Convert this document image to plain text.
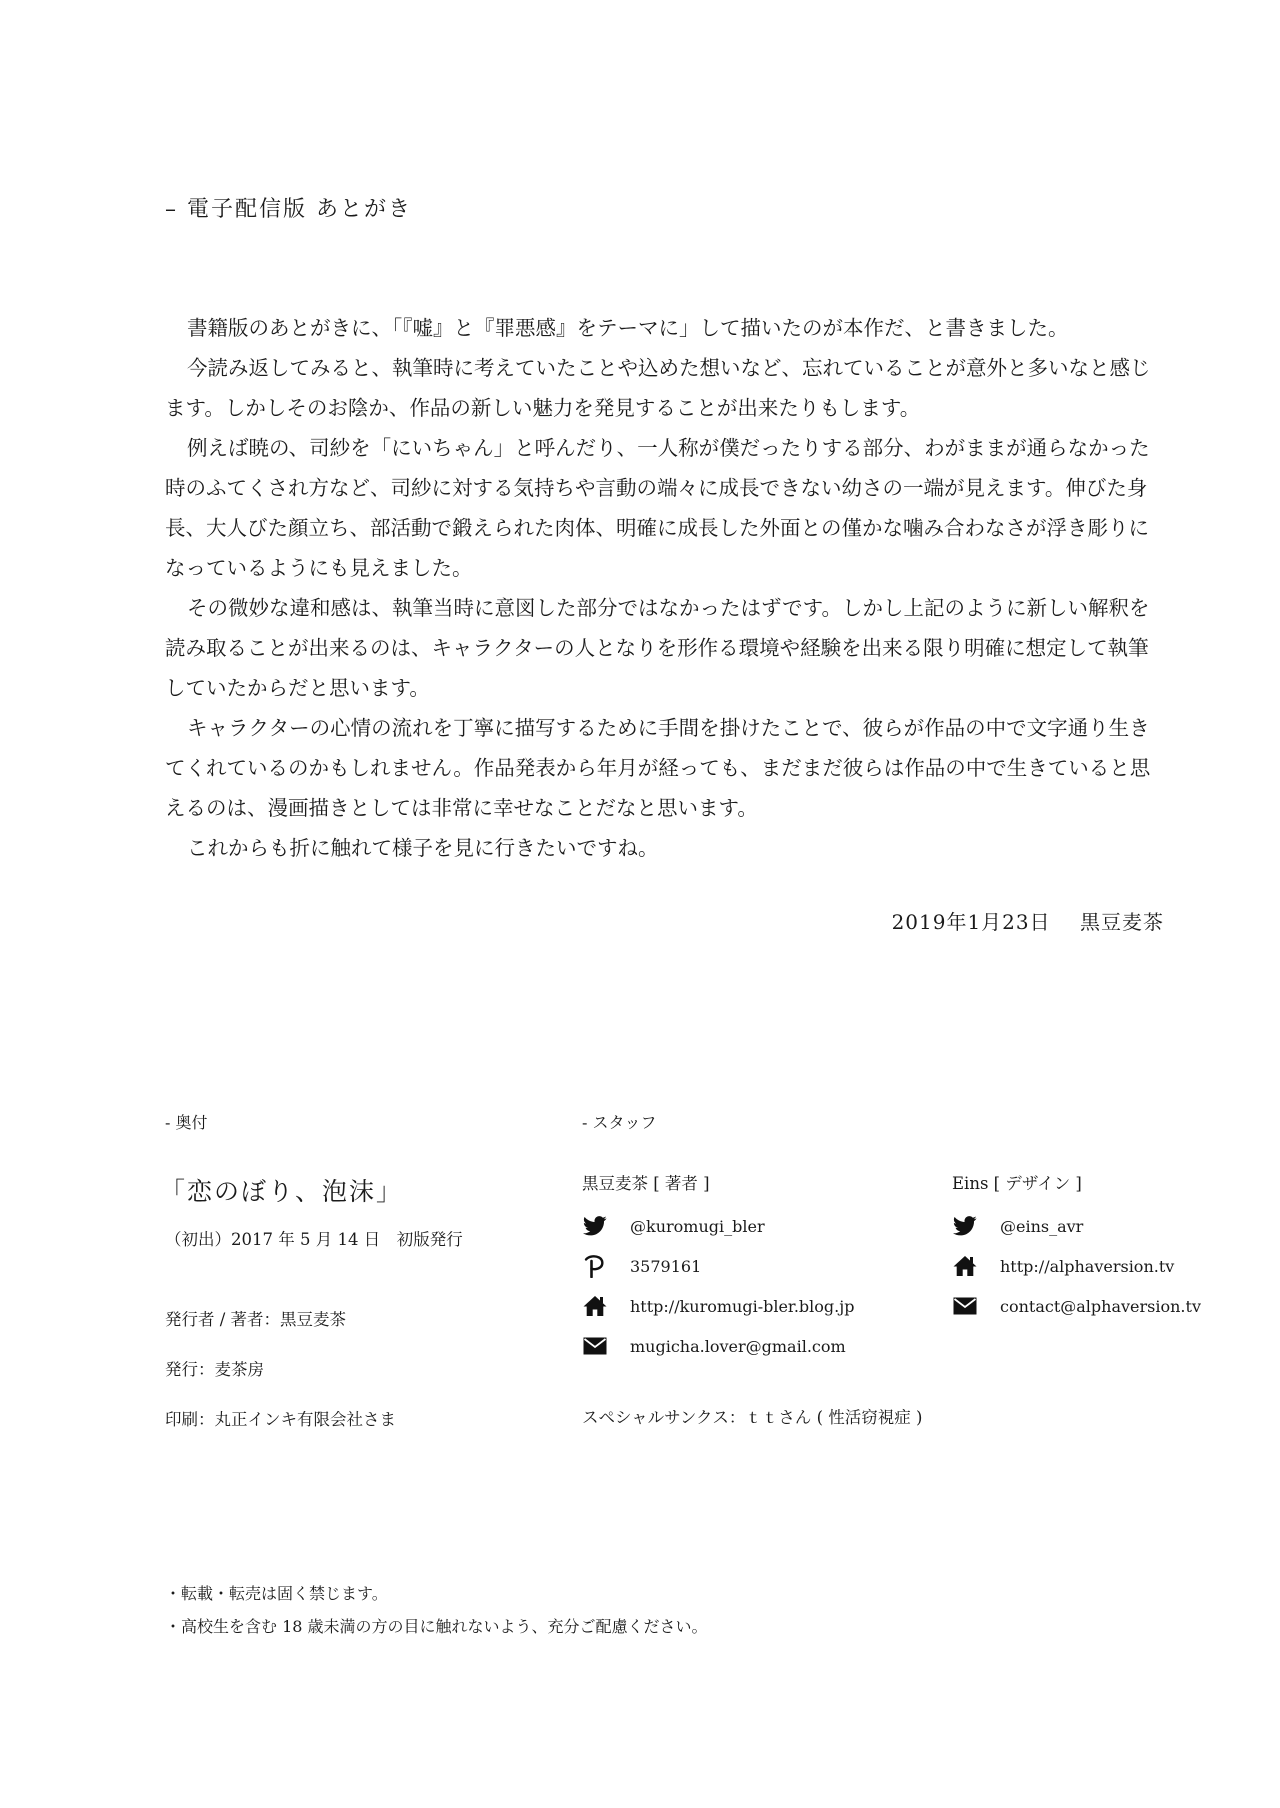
– 電子配信版 あとがき

書籍版のあとがきに、「『嘘』と『罪悪感』をテーマに」して描いたのが本作だ、と書きました。

今読み返してみると、執筆時に考えていたことや込めた想いなど、忘れていることが意外と多いなと感じます。しかしそのお陰か、作品の新しい魅力を発見することが出来たりもします。

例えば暁の、司紗を「にいちゃん」と呼んだり、一人称が僕だったりする部分、わがままが通らなかった時のふてくされ方など、司紗に対する気持ちや言動の端々に成長できない幼さの一端が見えます。伸びた身長、大人びた顔立ち、部活動で鍛えられた肉体、明確に成長した外面との僅かな噛み合わなさが浮き彫りになっているようにも見えました。

その微妙な違和感は、執筆当時に意図した部分ではなかったはずです。しかし上記のように新しい解釈を読み取ることが出来るのは、キャラクターの人となりを形作る環境や経験を出来る限り明確に想定して執筆していたからだと思います。

キャラクターの心情の流れを丁寧に描写するために手間を掛けたことで、彼らが作品の中で文字通り生きてくれているのかもしれません。作品発表から年月が経っても、まだまだ彼らは作品の中で生きていると思えるのは、漫画描きとしては非常に幸せなことだなと思います。

これからも折に触れて様子を見に行きたいですね。

2019年1月23日 黒豆麦茶
- 奥付
「恋のぼり、泡沫」
（初出）2017 年 5 月 14 日　初版発行
発行者 / 著者：黒豆麦茶
発行：麦茶房
印刷：丸正インキ有限会社さま
- スタッフ
黒豆麦茶 [ 著者 ]
@kuromugi_bler
3579161
http://kuromugi-bler.blog.jp
mugicha.lover@gmail.com
Eins [ デザイン ]
@eins_avr
http://alphaversion.tv
contact@alphaversion.tv
スペシャルサンクス：ｔｔさん ( 性活窃視症 )
・転載・転売は固く禁じます。
・高校生を含む 18 歳未満の方の目に触れないよう、充分ご配慮ください。
